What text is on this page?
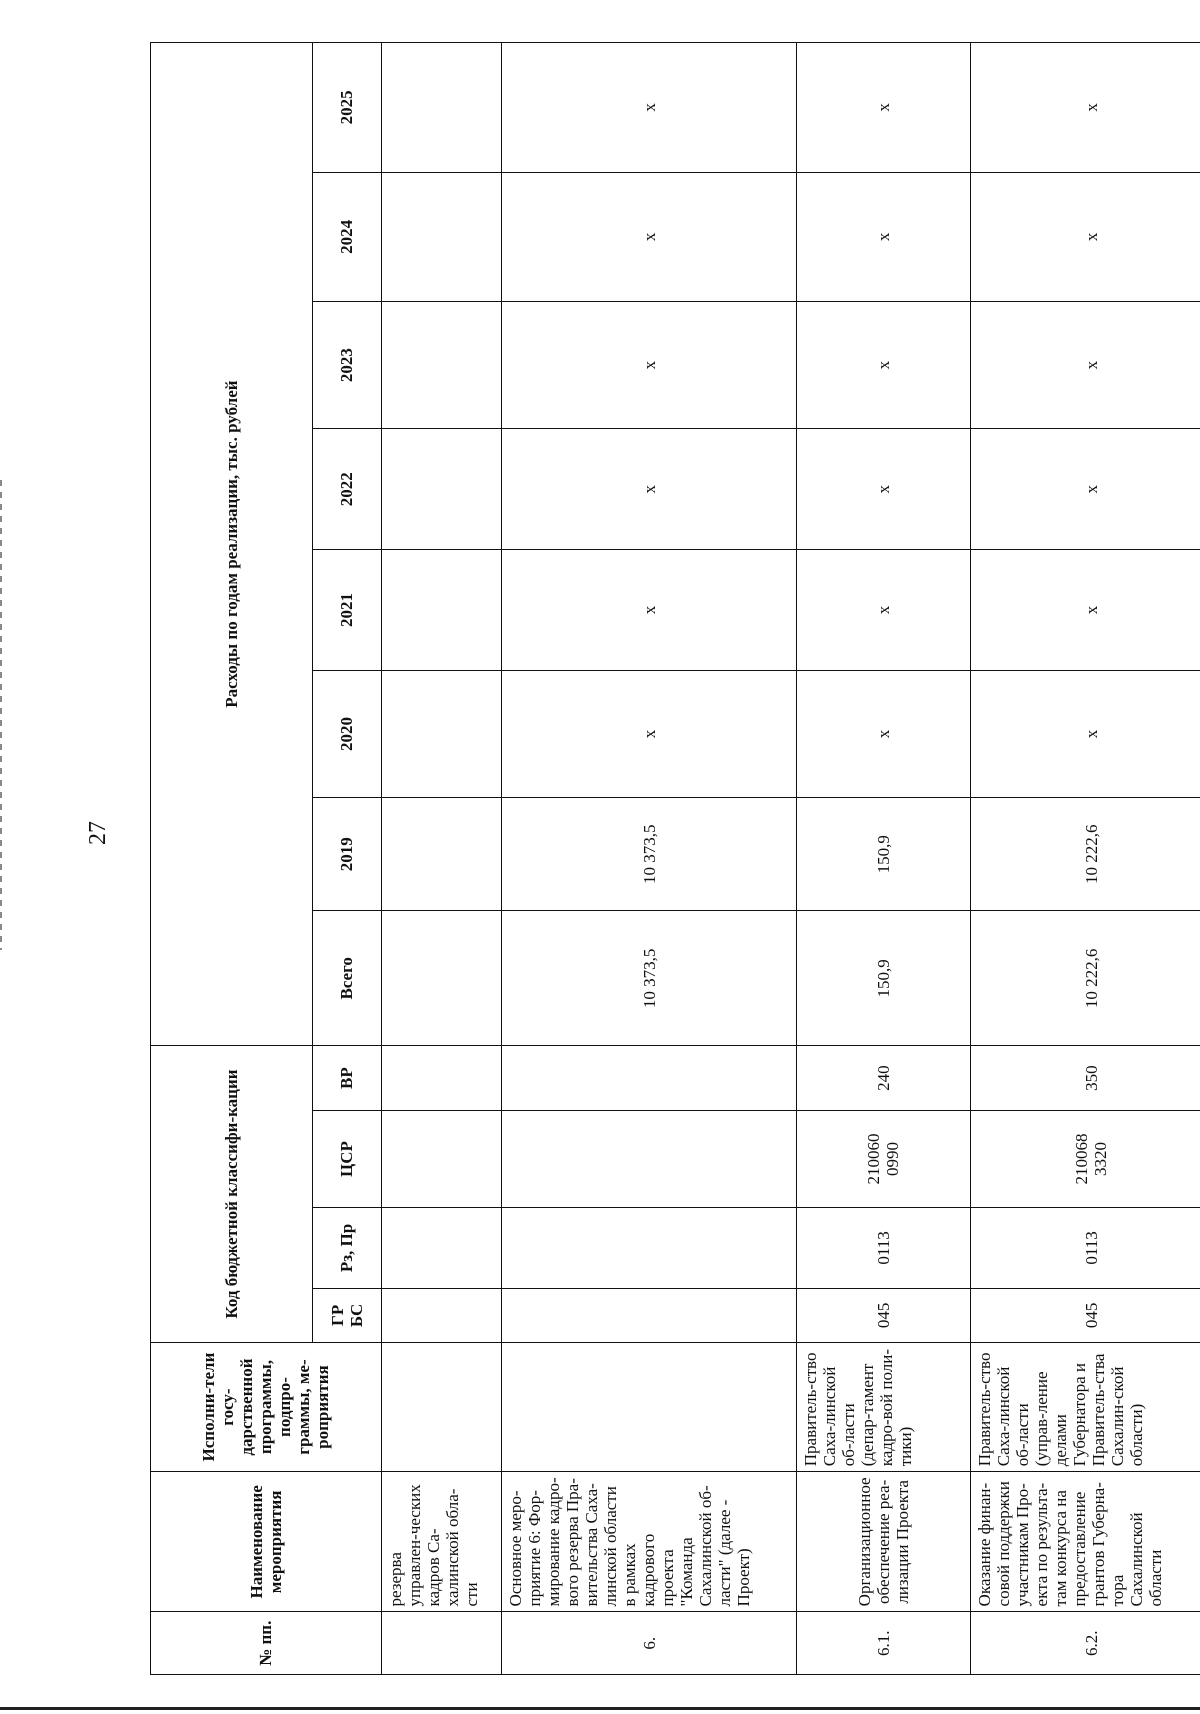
27
№ пп.	Наименование мероприятия	Исполни-тели госу-дарственной программы, подпро-граммы, ме-роприятия	Код бюджетной классифи-кации				Расходы по годам реализации, тыс. рублей							
			ГР БС	Рз, Пр	ЦСР	ВР	Всего	2019	2020	2021	2022	2023	2024	2025
	резерва управлен-ческих кадров Са-халинской обла-сти													
6.	Основное меро-приятие 6: Фор-мирование кадро-вого резерва Пра-вительства Саха-линской области в рамках кадрового проекта "Команда Сахалинской об-ласти" (далее - Проект)						10 373,5	10 373,5	x	x	x	x	x	x
6.1.	Организационное обеспечение реа-лизации Проекта	Правитель-ство Саха-линской об-ласти (депар-тамент кадро-вой поли-тики)	045	0113	210060 0990	240	150,9	150,9	x	x	x	x	x	x
6.2.	Оказание финан-совой поддержки участникам Про-екта по результа-там конкурса на предоставление грантов Губерна-тора Сахалинской области	Правитель-ство Саха-линской об-ласти (управ-ление делами Губернатора и Правитель-ства Сахалин-ской области)	045	0113	210068 3320	350	10 222,6	10 222,6	x	x	x	x	x	x
